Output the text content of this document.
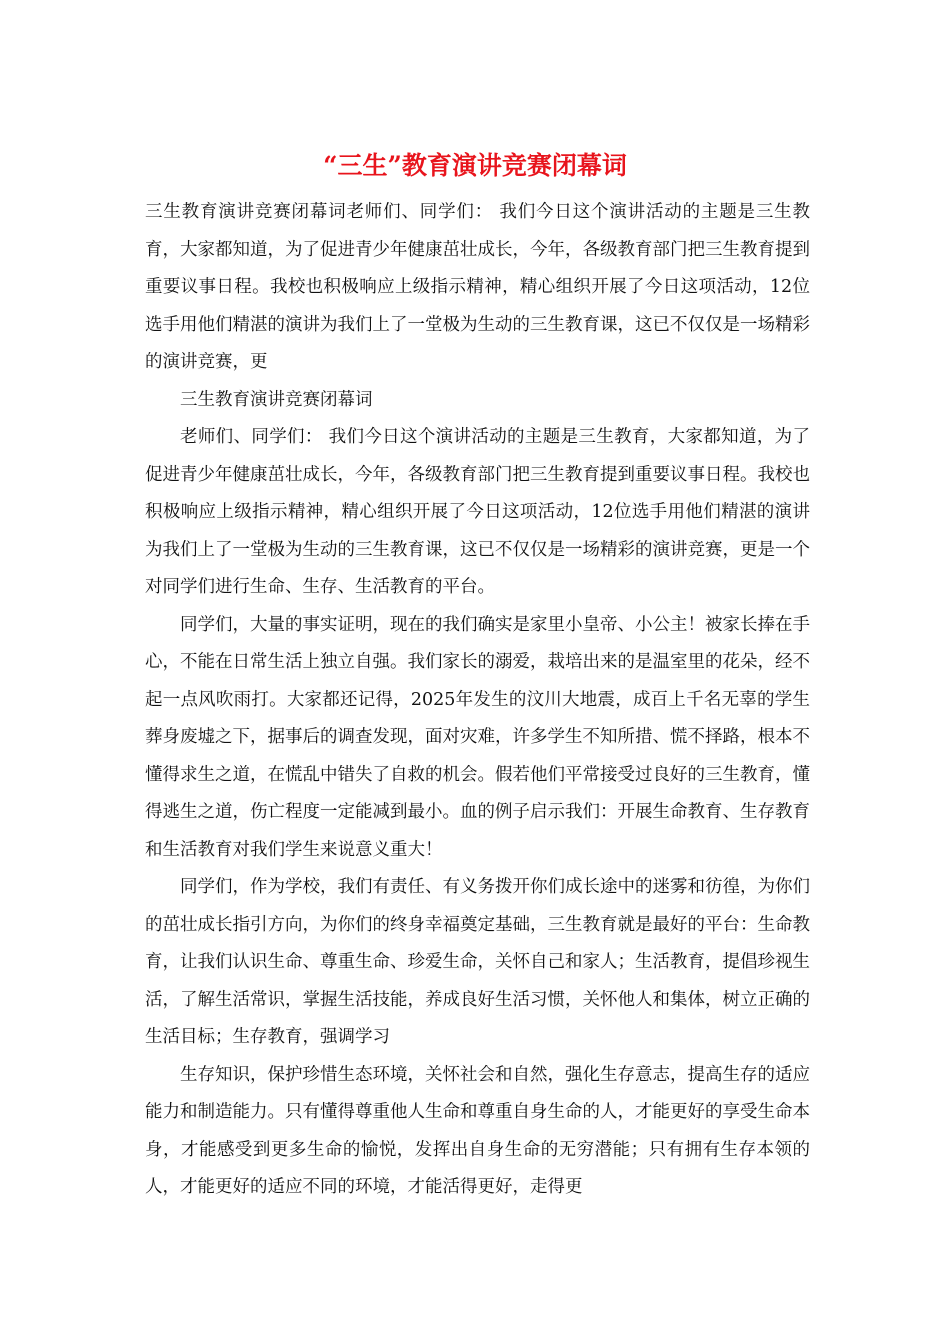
“三生”教育演讲竞赛闭幕词

三生教育演讲竞赛闭幕词老师们、同学们： 我们今日这个演讲活动的主题是三生教育，大家都知道，为了促进青少年健康茁壮成长，今年，各级教育部门把三生教育提到重要议事日程。我校也积极响应上级指示精神，精心组织开展了今日这项活动，12位选手用他们精湛的演讲为我们上了一堂极为生动的三生教育课，这已不仅仅是一场精彩的演讲竞赛，更

三生教育演讲竞赛闭幕词

老师们、同学们： 我们今日这个演讲活动的主题是三生教育，大家都知道，为了促进青少年健康茁壮成长，今年，各级教育部门把三生教育提到重要议事日程。我校也积极响应上级指示精神，精心组织开展了今日这项活动，12位选手用他们精湛的演讲为我们上了一堂极为生动的三生教育课，这已不仅仅是一场精彩的演讲竞赛，更是一个对同学们进行生命、生存、生活教育的平台。

同学们，大量的事实证明，现在的我们确实是家里小皇帝、小公主！被家长捧在手心，不能在日常生活上独立自强。我们家长的溺爱，栽培出来的是温室里的花朵，经不起一点风吹雨打。大家都还记得，2025年发生的汶川大地震，成百上千名无辜的学生葬身废墟之下，据事后的调查发现，面对灾难，许多学生不知所措、慌不择路，根本不懂得求生之道，在慌乱中错失了自救的机会。假若他们平常接受过良好的三生教育，懂得逃生之道，伤亡程度一定能减到最小。血的例子启示我们：开展生命教育、生存教育和生活教育对我们学生来说意义重大！

同学们，作为学校，我们有责任、有义务拨开你们成长途中的迷雾和彷徨，为你们的茁壮成长指引方向，为你们的终身幸福奠定基础，三生教育就是最好的平台：生命教育，让我们认识生命、尊重生命、珍爱生命，关怀自己和家人；生活教育，提倡珍视生活，了解生活常识，掌握生活技能，养成良好生活习惯，关怀他人和集体，树立正确的生活目标；生存教育，强调学习

生存知识，保护珍惜生态环境，关怀社会和自然，强化生存意志，提高生存的适应能力和制造能力。只有懂得尊重他人生命和尊重自身生命的人，才能更好的享受生命本身，才能感受到更多生命的愉悦，发挥出自身生命的无穷潜能；只有拥有生存本领的人，才能更好的适应不同的环境，才能活得更好，走得更
